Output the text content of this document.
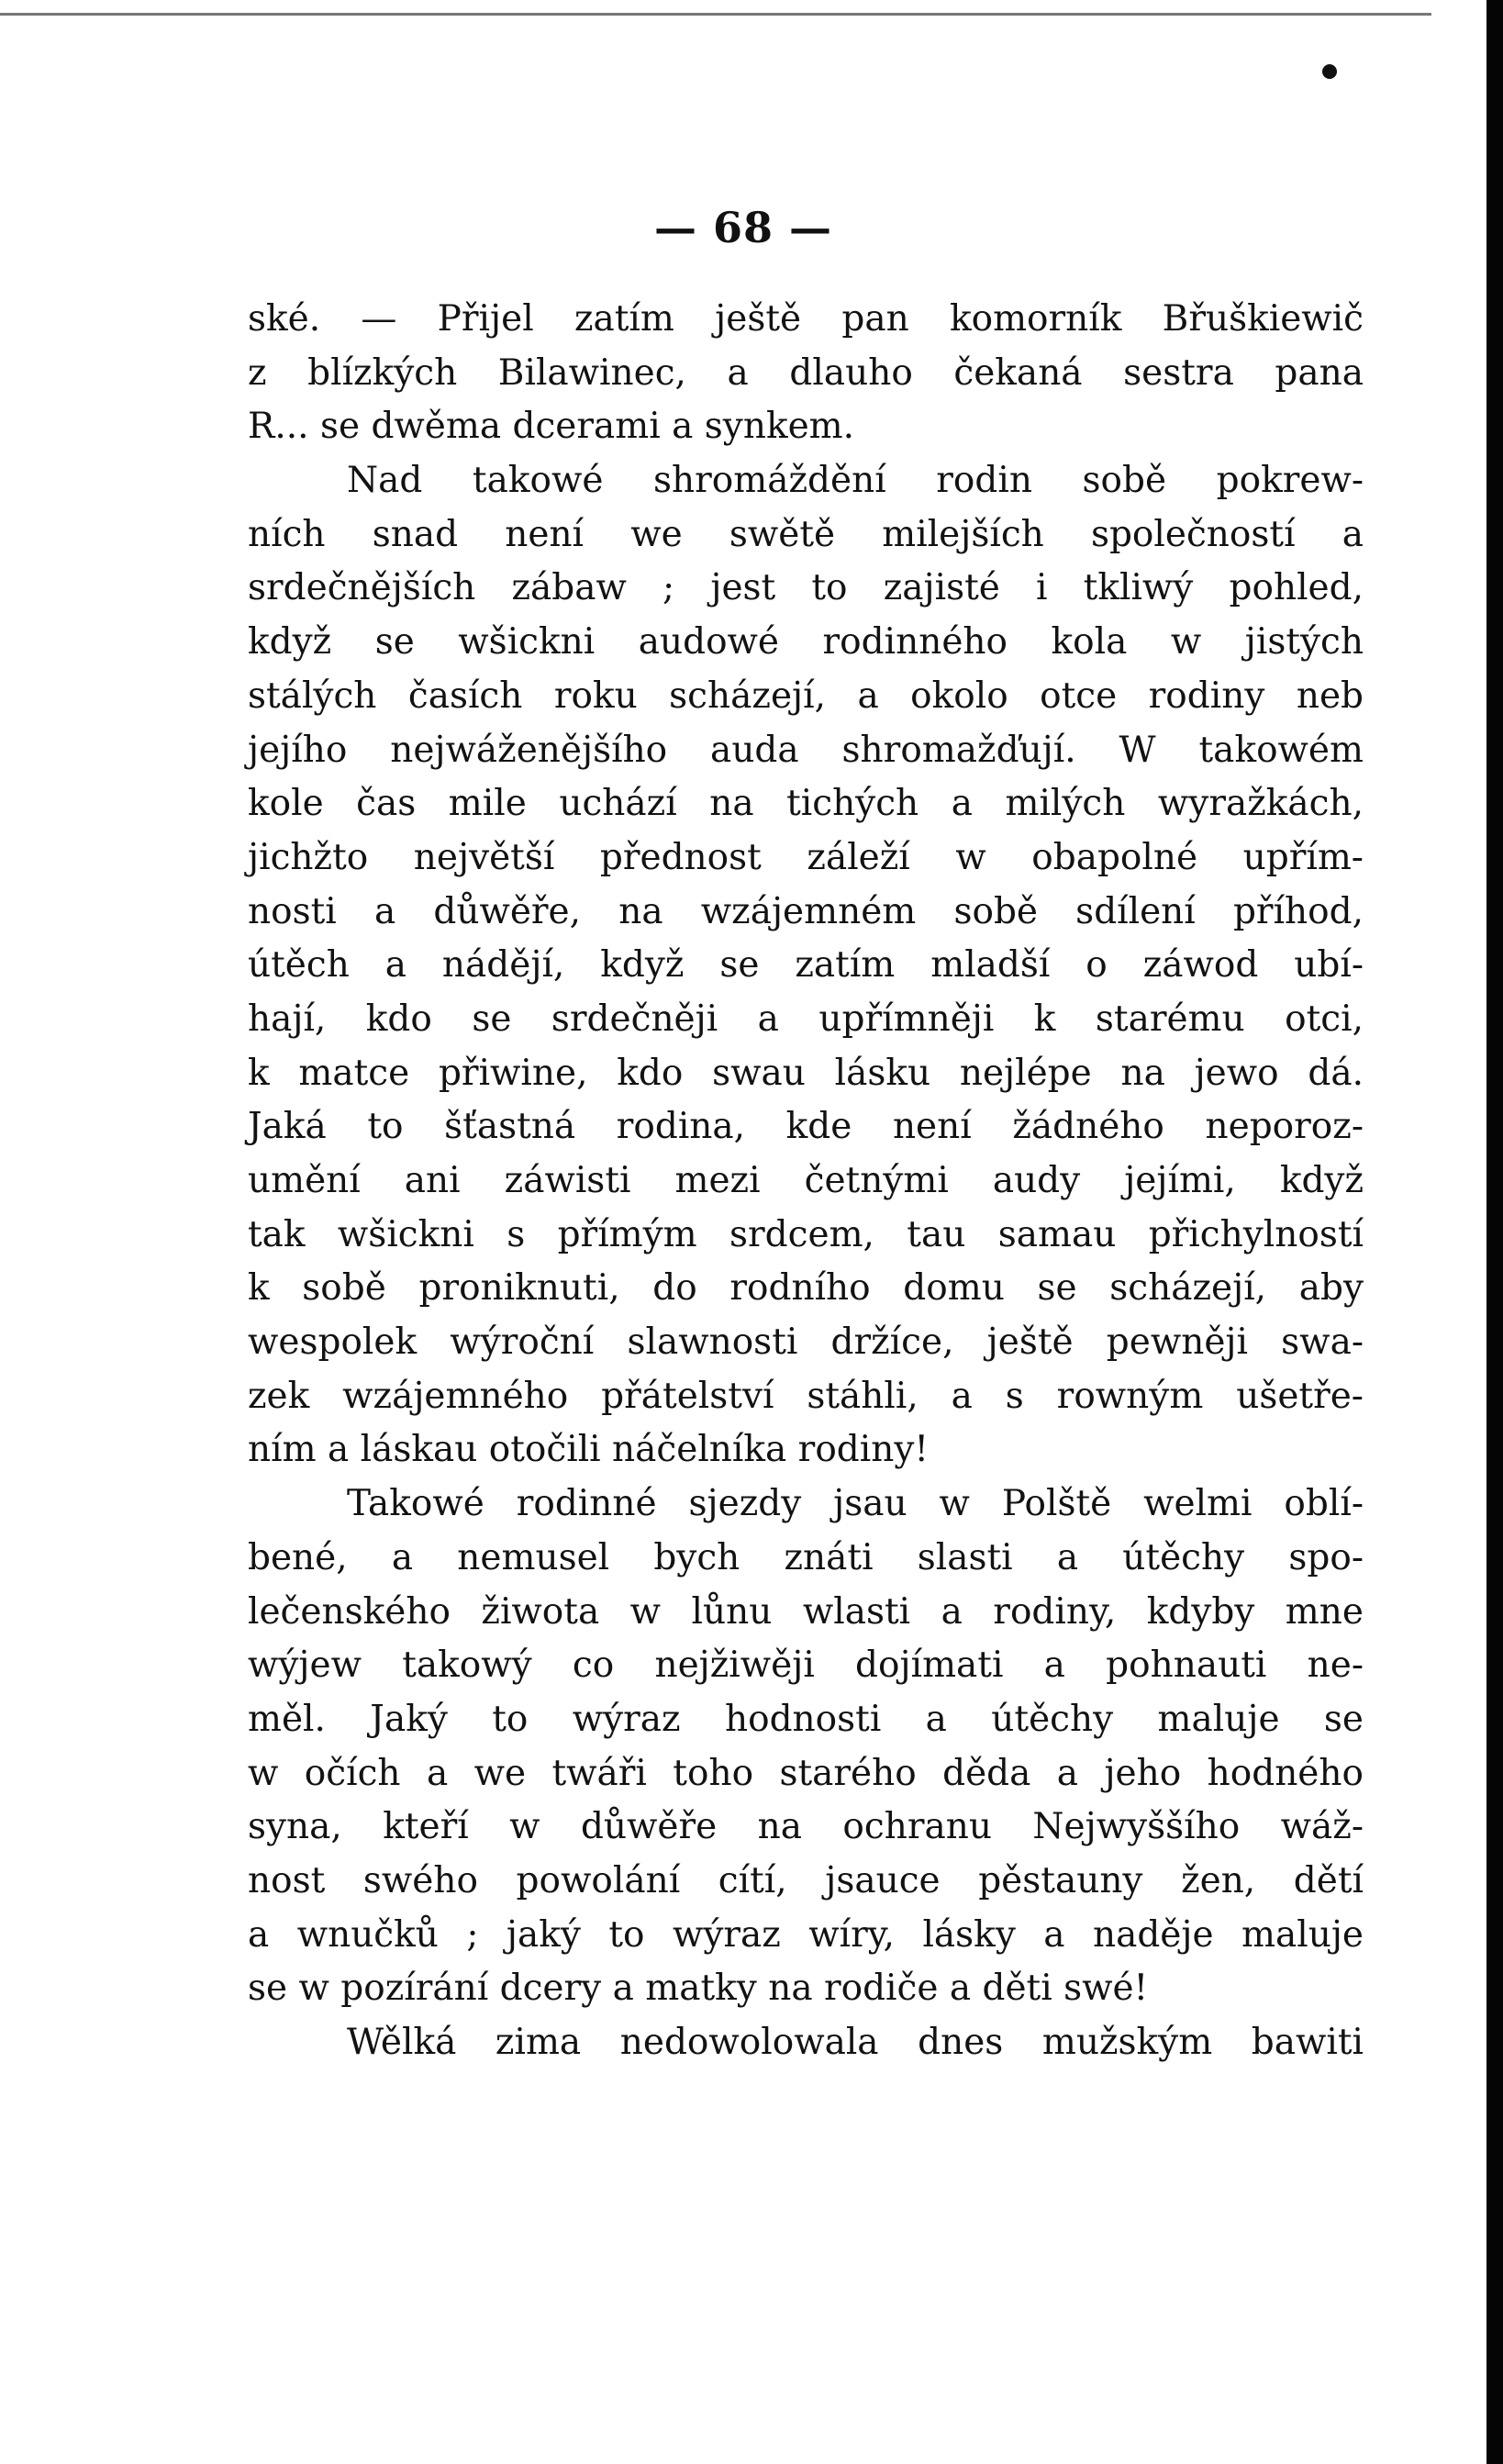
— 68 —
ské. — Přijel zatím ještě pan komorník Břuškiewič
z blízkých Bilawinec, a dlauho čekaná sestra pana
R... se dwěma dcerami a synkem.
Nad takowé shromáždění rodin sobě pokrew-
ních snad není we swětě milejších společností a
srdečnějších zábaw ; jest to zajisté i tkliwý pohled,
když se wšickni audowé rodinného kola w jistých
stálých časích roku scházejí, a okolo otce rodiny neb
jejího nejwáženějšího auda shromažďují. W takowém
kole čas mile uchází na tichých a milých wyražkách,
jichžto největší přednost záleží w obapolné upřím-
nosti a důwěře, na wzájemném sobě sdílení příhod,
útěch a nádějí, když se zatím mladší o záwod ubí-
hají, kdo se srdečněji a upřímněji k starému otci,
k matce přiwine, kdo swau lásku nejlépe na jewo dá.
Jaká to šťastná rodina, kde není žádného neporoz-
umění ani záwisti mezi četnými audy jejími, když
tak wšickni s přímým srdcem, tau samau přichylností
k sobě proniknuti, do rodního domu se scházejí, aby
wespolek wýroční slawnosti držíce, ještě pewněji swa-
zek wzájemného přátelství stáhli, a s rowným ušetře-
ním a láskau otočili náčelníka rodiny!
Takowé rodinné sjezdy jsau w Polště welmi oblí-
bené, a nemusel bych znáti slasti a útěchy spo-
lečenského žiwota w lůnu wlasti a rodiny, kdyby mne
wýjew takowý co nejžiwěji dojímati a pohnauti ne-
měl. Jaký to wýraz hodnosti a útěchy maluje se
w očích a we twáři toho starého děda a jeho hodného
syna, kteří w důwěře na ochranu Nejwyššího wáž-
nost swého powolání cítí, jsauce pěstauny žen, dětí
a wnučků ; jaký to wýraz wíry, lásky a naděje maluje
se w pozírání dcery a matky na rodiče a děti swé!
Wělká zima nedowolowala dnes mužským bawiti
